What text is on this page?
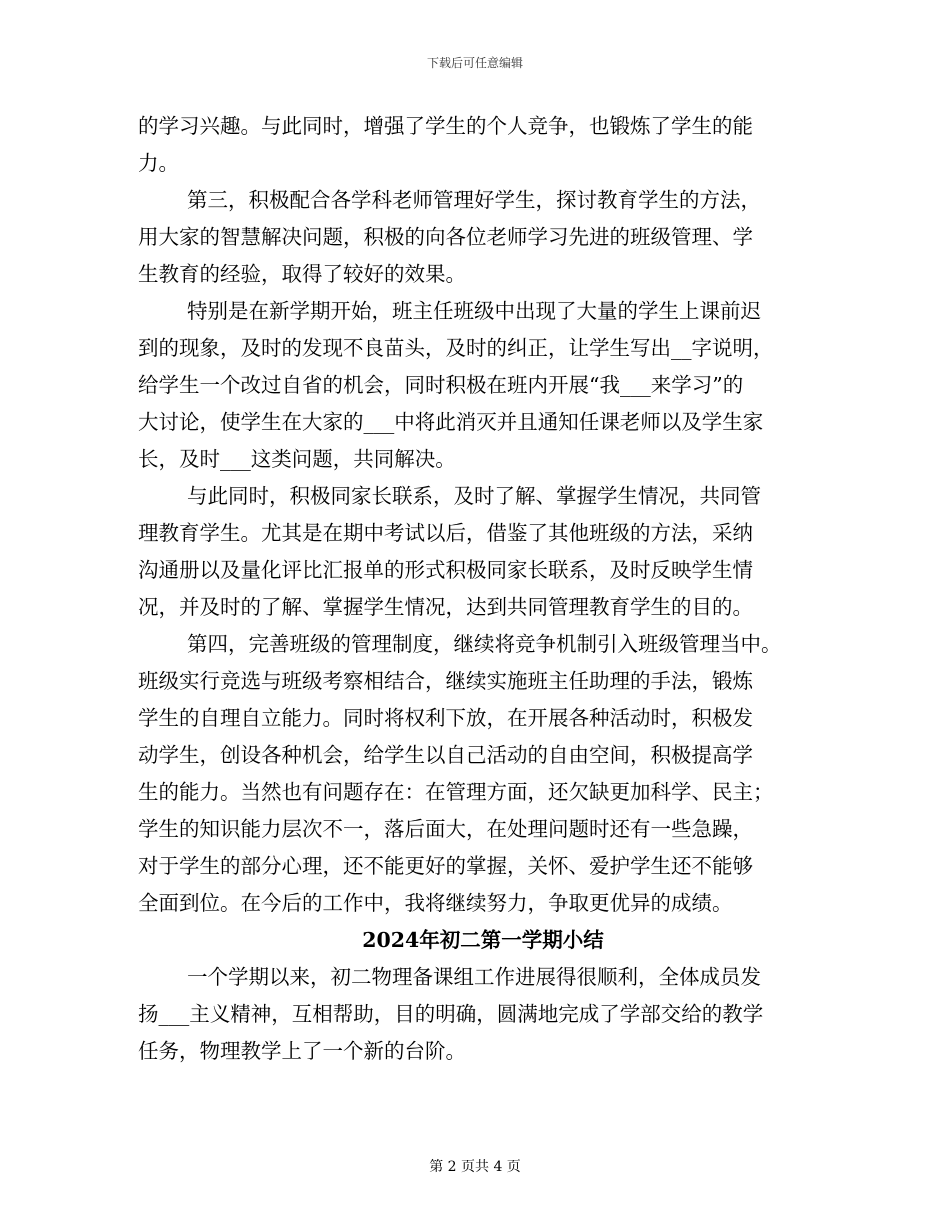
下载后可任意编辑
的学习兴趣。与此同时，增强了学生的个人竞争，也锻炼了学生的能
力。
第三，积极配合各学科老师管理好学生，探讨教育学生的方法，
用大家的智慧解决问题，积极的向各位老师学习先进的班级管理、学
生教育的经验，取得了较好的效果。
特别是在新学期开始，班主任班级中出现了大量的学生上课前迟
到的现象，及时的发现不良苗头，及时的纠正，让学生写出__字说明，
给学生一个改过自省的机会，同时积极在班内开展“我___来学习”的
大讨论，使学生在大家的___中将此消灭并且通知任课老师以及学生家
长，及时___这类问题，共同解决。
与此同时，积极同家长联系，及时了解、掌握学生情况，共同管
理教育学生。尤其是在期中考试以后，借鉴了其他班级的方法，采纳
沟通册以及量化评比汇报单的形式积极同家长联系，及时反映学生情
况，并及时的了解、掌握学生情况，达到共同管理教育学生的目的。
第四，完善班级的管理制度，继续将竞争机制引入班级管理当中。
班级实行竞选与班级考察相结合，继续实施班主任助理的手法，锻炼
学生的自理自立能力。同时将权利下放，在开展各种活动时，积极发
动学生，创设各种机会，给学生以自己活动的自由空间，积极提高学
生的能力。当然也有问题存在：在管理方面，还欠缺更加科学、民主；
学生的知识能力层次不一，落后面大，在处理问题时还有一些急躁，
对于学生的部分心理，还不能更好的掌握，关怀、爱护学生还不能够
全面到位。在今后的工作中，我将继续努力，争取更优异的成绩。
2024年初二第一学期小结
一个学期以来，初二物理备课组工作进展得很顺利，全体成员发
扬___主义精神，互相帮助，目的明确，圆满地完成了学部交给的教学
任务，物理教学上了一个新的台阶。
第 2 页共 4 页
